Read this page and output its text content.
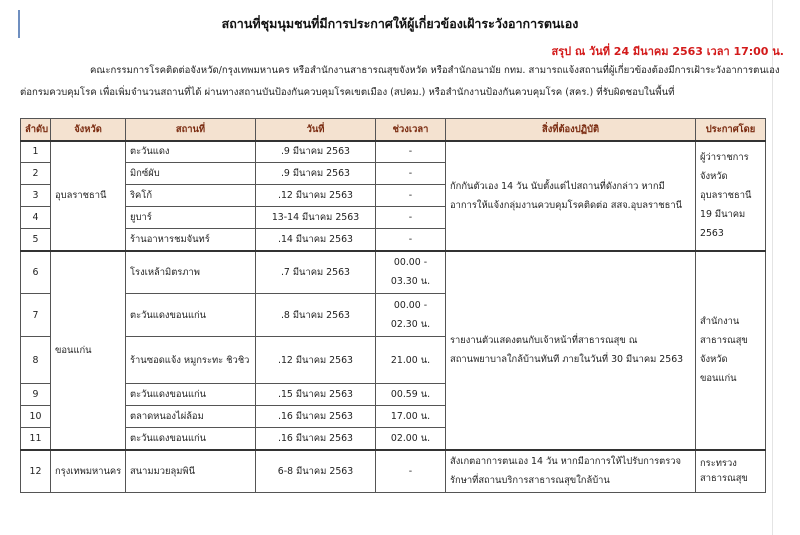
สถานที่ชุมนุมชนที่มีการประกาศให้ผู้เกี่ยวข้องเฝ้าระวังอาการตนเอง
สรุป ณ วันที่ 24 มีนาคม 2563 เวลา 17:00 น.
คณะกรรมการโรคติดต่อจังหวัด/กรุงเทพมหานคร หรือสำนักงานสาธารณสุขจังหวัด หรือสำนักอนามัย กทม. สามารถแจ้งสถานที่ผู้เกี่ยวข้องต้องมีการเฝ้าระวังอาการตนเอง
ต่อกรมควบคุมโรค เพื่อเพิ่มจำนวนสถานที่ได้ ผ่านทางสถานบันป้องกันควบคุมโรคเขตเมือง (สปคม.) หรือสำนักงานป้องกันควบคุมโรค (สคร.) ที่รับผิดชอบในพื้นที่
ลำดับ	จังหวัด	สถานที่	วันที่	ช่วงเวลา	สิ่งที่ต้องปฏิบัติ	ประกาศโดย
1	อุบลราชธานี	ตะวันแดง	.9 มีนาคม 2563	-	กักกันตัวเอง 14 วัน นับตั้งแต่ไปสถานที่ดังกล่าว หากมี
อาการให้แจ้งกลุ่มงานควบคุมโรคติดต่อ สสจ.อุบลราชธานี	ผู้ว่าราชการจังหวัด
อุบลราชธานี
19 มีนาคม 2563
2		มิกซ์ผับ	.9 มีนาคม 2563	-		
3		ริคโก้	.12 มีนาคม 2563	-		
4		ยูบาร์	13-14 มีนาคม 2563	-		
5		ร้านอาหารชมจันทร์	.14 มีนาคม 2563	-		
6	ขอนแก่น	โรงเหล้ามิตรภาพ	.7 มีนาคม 2563	00.00 -
03.30 น.	รายงานตัวแสดงตนกับเจ้าหน้าที่สาธารณสุข ณ
สถานพยาบาลใกล้บ้านทันที ภายในวันที่ 30 มีนาคม 2563	สำนักงานสาธารณสุข
จังหวัดขอนแก่น
7		ตะวันแดงขอนแก่น	.8 มีนาคม 2563	00.00 -
02.30 น.		
8		ร้านซอดแจ้ง หมูกระทะ ชิวชิว	.12 มีนาคม 2563	21.00 น.		
9		ตะวันแดงขอนแก่น	.15 มีนาคม 2563	00.59 น.		
10		ตลาดหนองไผ่ล้อม	.16 มีนาคม 2563	17.00 น.		
11		ตะวันแดงขอนแก่น	.16 มีนาคม 2563	02.00 น.		
12	กรุงเทพมหานคร	สนามมวยลุมพินี	6-8 มีนาคม 2563	-	สังเกตอาการตนเอง 14 วัน หากมีอาการให้ไปรับการตรวจ
รักษาที่สถานบริการสาธารณสุขใกล้บ้าน	กระทรวงสาธารณสุข
